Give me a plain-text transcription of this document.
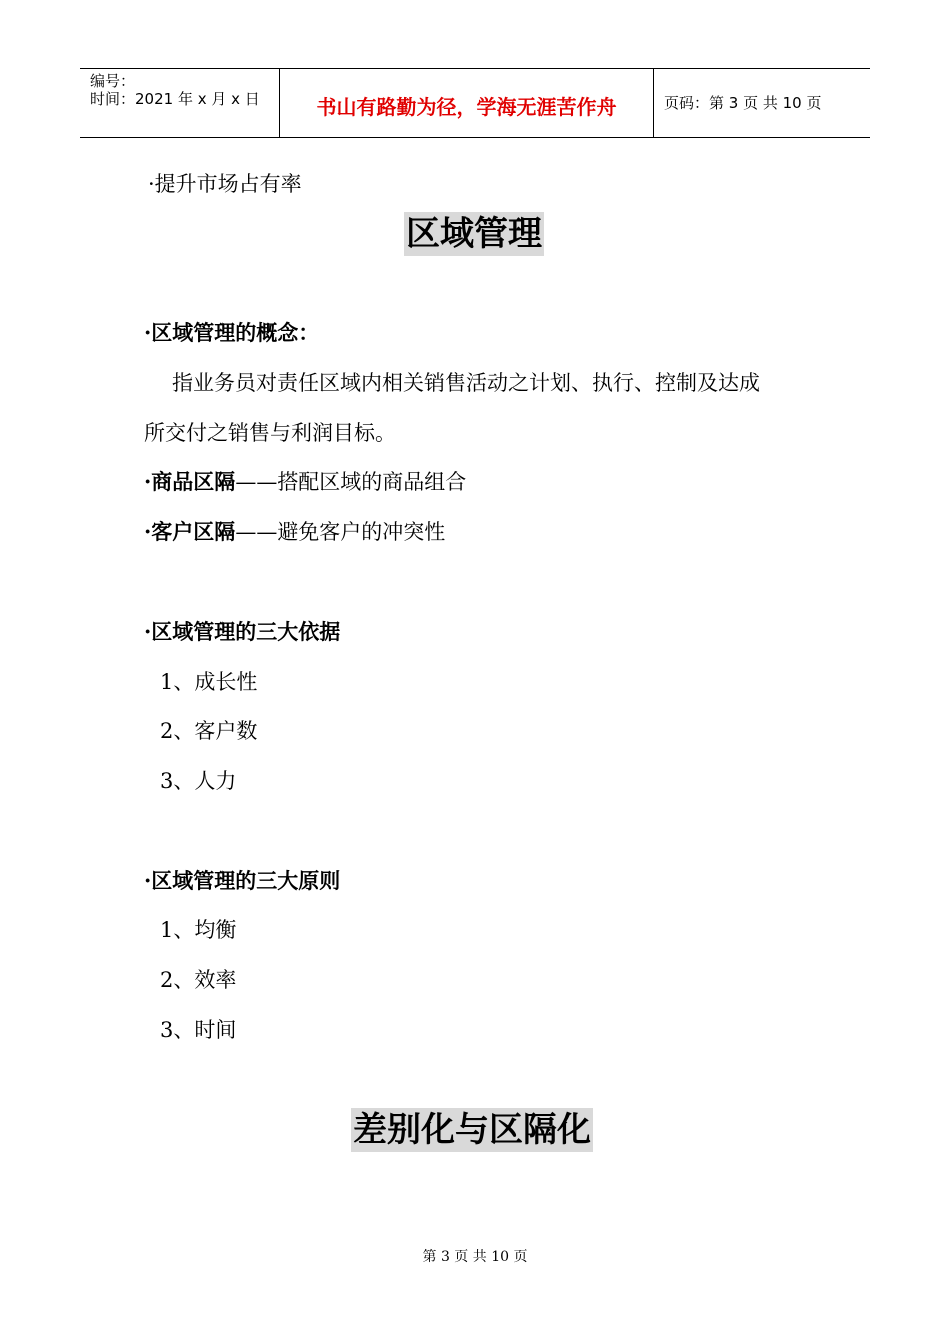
编号：
时间：2021 年 x 月 x 日	书山有路勤为径，学海无涯苦作舟	页码：第 3 页 共 10 页
·提升市场占有率
区域管理
·区域管理的概念：
指业务员对责任区域内相关销售活动之计划、执行、控制及达成
所交付之销售与利润目标。
·商品区隔——搭配区域的商品组合
·客户区隔——避免客户的冲突性
·区域管理的三大依据
1、成长性
2、客户数
3、人力
·区域管理的三大原则
1、均衡
2、效率
3、时间
差别化与区隔化
第 3 页 共 10 页
